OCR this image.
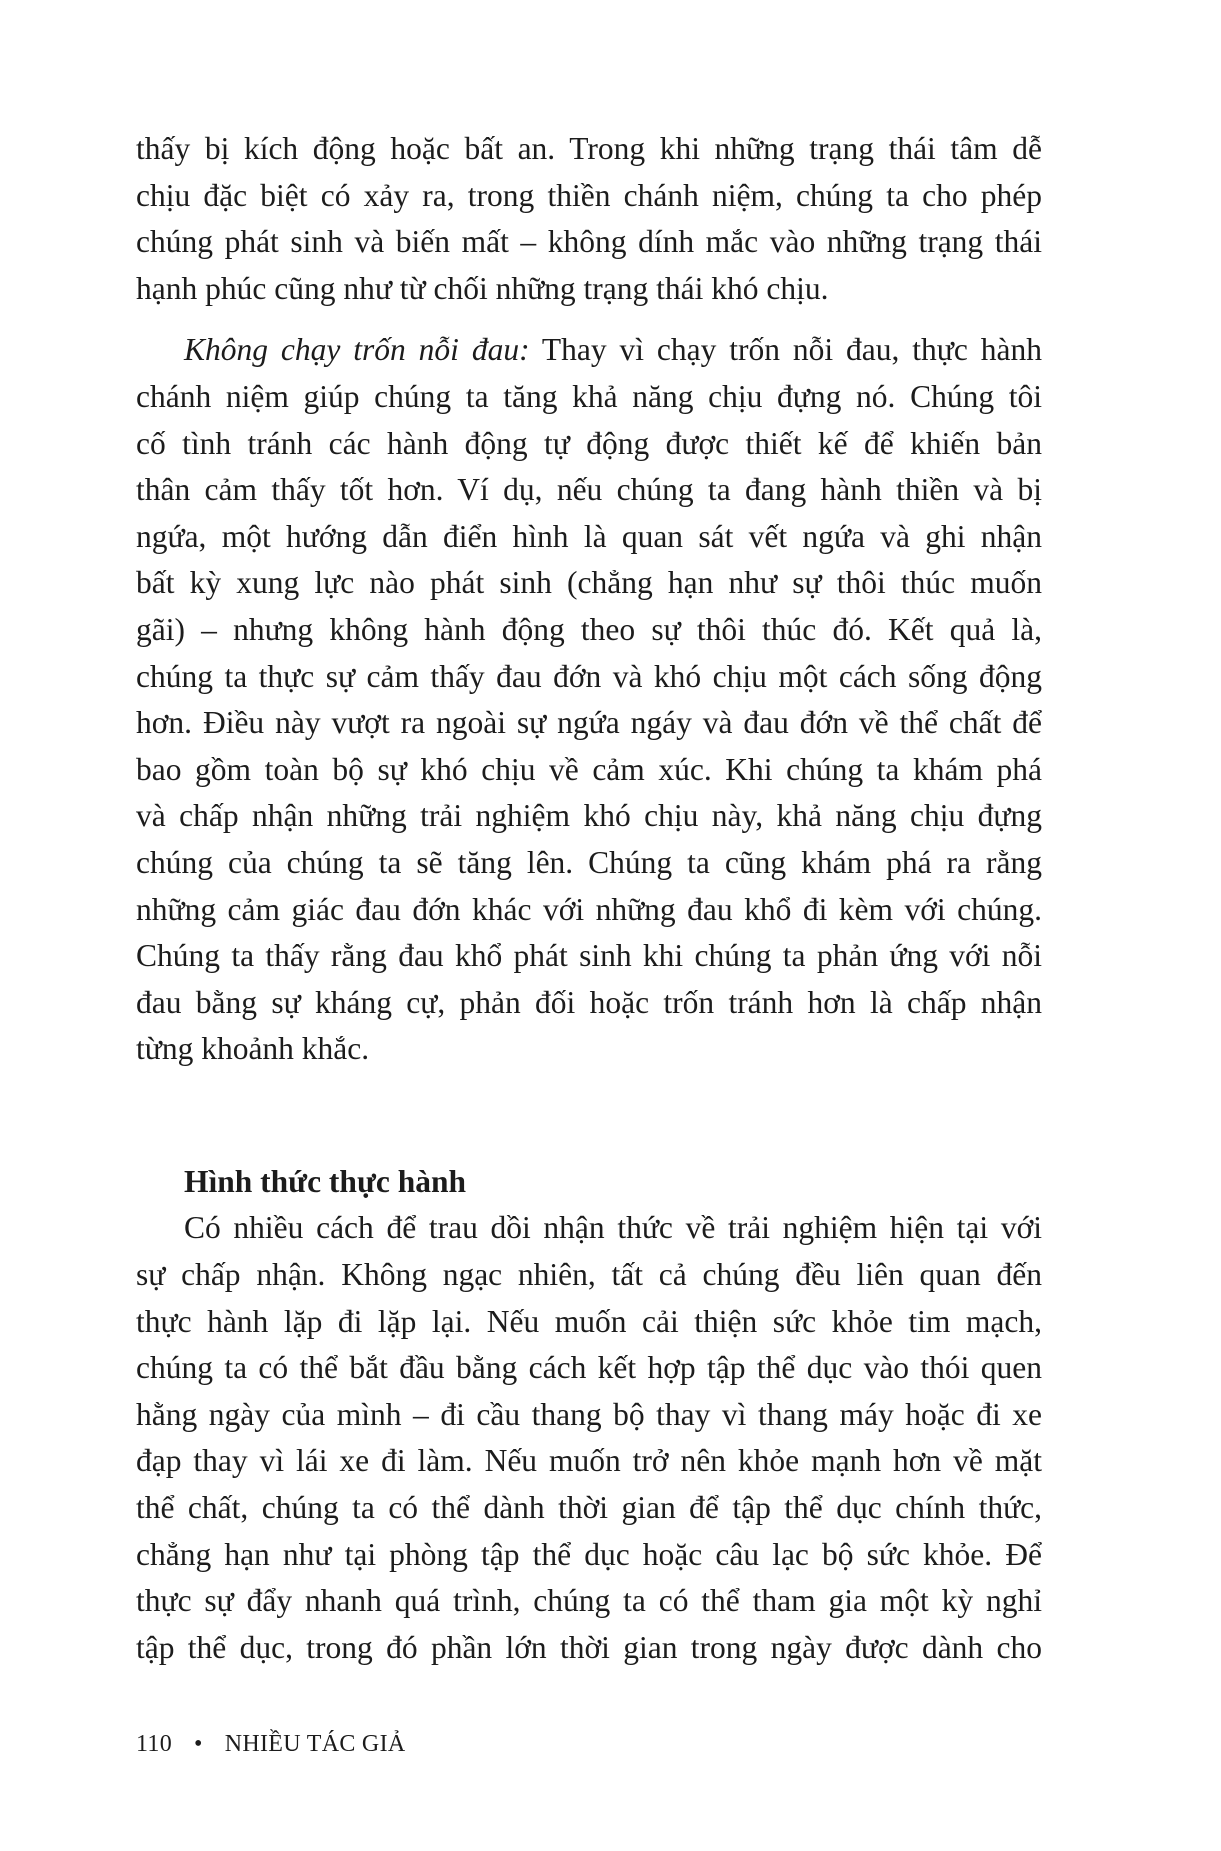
thấy bị kích động hoặc bất an. Trong khi những trạng thái tâm dễ
chịu đặc biệt có xảy ra, trong thiền chánh niệm, chúng ta cho phép
chúng phát sinh và biến mất – không dính mắc vào những trạng thái
hạnh phúc cũng như từ chối những trạng thái khó chịu.
Không chạy trốn nỗi đau: Thay vì chạy trốn nỗi đau, thực hành
chánh niệm giúp chúng ta tăng khả năng chịu đựng nó. Chúng tôi
cố tình tránh các hành động tự động được thiết kế để khiến bản
thân cảm thấy tốt hơn. Ví dụ, nếu chúng ta đang hành thiền và bị
ngứa, một hướng dẫn điển hình là quan sát vết ngứa và ghi nhận
bất kỳ xung lực nào phát sinh (chẳng hạn như sự thôi thúc muốn
gãi) – nhưng không hành động theo sự thôi thúc đó. Kết quả là,
chúng ta thực sự cảm thấy đau đớn và khó chịu một cách sống động
hơn. Điều này vượt ra ngoài sự ngứa ngáy và đau đớn về thể chất để
bao gồm toàn bộ sự khó chịu về cảm xúc. Khi chúng ta khám phá
và chấp nhận những trải nghiệm khó chịu này, khả năng chịu đựng
chúng của chúng ta sẽ tăng lên. Chúng ta cũng khám phá ra rằng
những cảm giác đau đớn khác với những đau khổ đi kèm với chúng.
Chúng ta thấy rằng đau khổ phát sinh khi chúng ta phản ứng với nỗi
đau bằng sự kháng cự, phản đối hoặc trốn tránh hơn là chấp nhận
từng khoảnh khắc.
Hình thức thực hành
Có nhiều cách để trau dồi nhận thức về trải nghiệm hiện tại với
sự chấp nhận. Không ngạc nhiên, tất cả chúng đều liên quan đến
thực hành lặp đi lặp lại. Nếu muốn cải thiện sức khỏe tim mạch,
chúng ta có thể bắt đầu bằng cách kết hợp tập thể dục vào thói quen
hằng ngày của mình – đi cầu thang bộ thay vì thang máy hoặc đi xe
đạp thay vì lái xe đi làm. Nếu muốn trở nên khỏe mạnh hơn về mặt
thể chất, chúng ta có thể dành thời gian để tập thể dục chính thức,
chẳng hạn như tại phòng tập thể dục hoặc câu lạc bộ sức khỏe. Để
thực sự đẩy nhanh quá trình, chúng ta có thể tham gia một kỳ nghỉ
tập thể dục, trong đó phần lớn thời gian trong ngày được dành cho
110 • NHIỀU TÁC GIẢ
